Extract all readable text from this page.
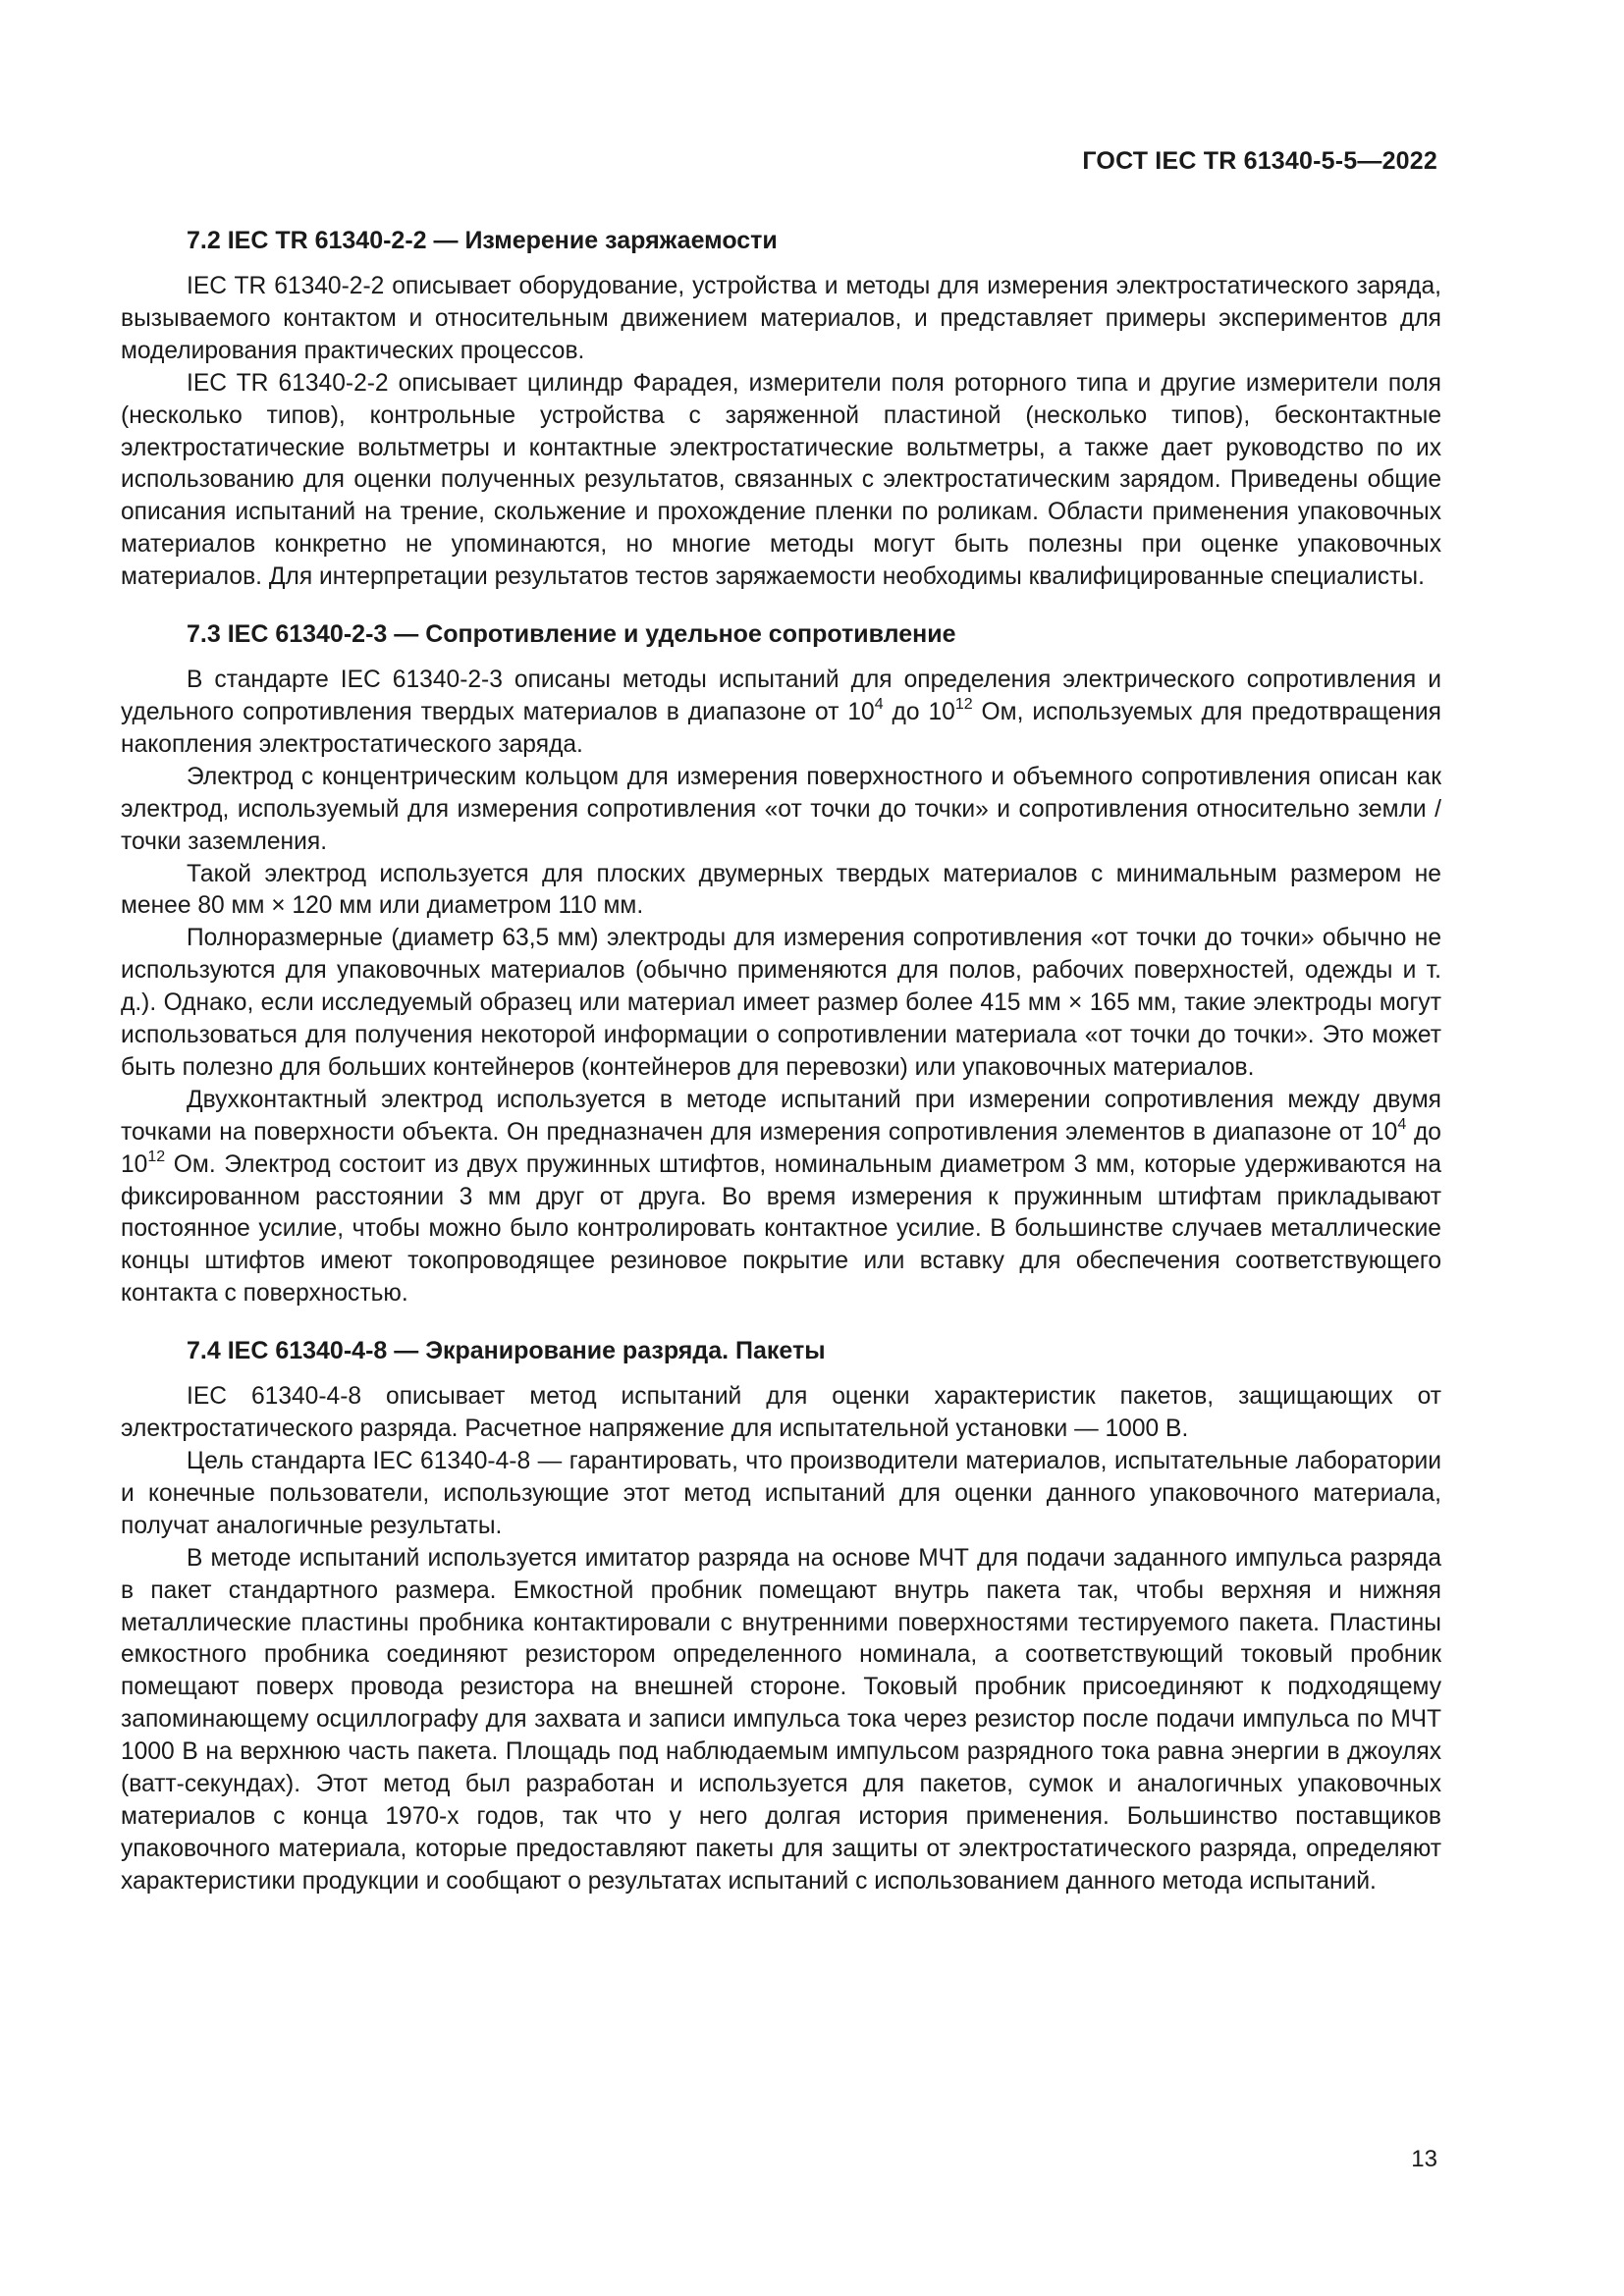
ГОСТ IEC TR 61340-5-5—2022
7.2 IEC TR 61340-2-2 — Измерение заряжаемости

IEC TR 61340-2-2 описывает оборудование, устройства и методы для измерения электростатического заряда, вызываемого контактом и относительным движением материалов, и представляет примеры экспериментов для моделирования практических процессов.

IEC TR 61340-2-2 описывает цилиндр Фарадея, измерители поля роторного типа и другие измерители поля (несколько типов), контрольные устройства с заряженной пластиной (несколько типов), бесконтактные электростатические вольтметры и контактные электростатические вольтметры, а также дает руководство по их использованию для оценки полученных результатов, связанных с электростатическим зарядом. Приведены общие описания испытаний на трение, скольжение и прохождение пленки по роликам. Области применения упаковочных материалов конкретно не упоминаются, но многие методы могут быть полезны при оценке упаковочных материалов. Для интерпретации результатов тестов заряжаемости необходимы квалифицированные специалисты.

7.3 IEC 61340-2-3 — Сопротивление и удельное сопротивление

В стандарте IEC 61340-2-3 описаны методы испытаний для определения электрического сопротивления и удельного сопротивления твердых материалов в диапазоне от $10^4$ до $10^{12}$ Ом, используемых для предотвращения накопления электростатического заряда.

Электрод с концентрическим кольцом для измерения поверхностного и объемного сопротивления описан как электрод, используемый для измерения сопротивления «от точки до точки» и сопротивления относительно земли / точки заземления.

Такой электрод используется для плоских двумерных твердых материалов с минимальным размером не менее 80 мм × 120 мм или диаметром 110 мм.

Полноразмерные (диаметр 63,5 мм) электроды для измерения сопротивления «от точки до точки» обычно не используются для упаковочных материалов (обычно применяются для полов, рабочих поверхностей, одежды и т. д.). Однако, если исследуемый образец или материал имеет размер более 415 мм × 165 мм, такие электроды могут использоваться для получения некоторой информации о сопротивлении материала «от точки до точки». Это может быть полезно для больших контейнеров (контейнеров для перевозки) или упаковочных материалов.

Двухконтактный электрод используется в методе испытаний при измерении сопротивления между двумя точками на поверхности объекта. Он предназначен для измерения сопротивления элементов в диапазоне от $10^4$ до $10^{12}$ Ом. Электрод состоит из двух пружинных штифтов, номинальным диаметром 3 мм, которые удерживаются на фиксированном расстоянии 3 мм друг от друга. Во время измерения к пружинным штифтам прикладывают постоянное усилие, чтобы можно было контролировать контактное усилие. В большинстве случаев металлические концы штифтов имеют токопроводящее резиновое покрытие или вставку для обеспечения соответствующего контакта с поверхностью.

7.4 IEC 61340-4-8 — Экранирование разряда. Пакеты

IEC 61340-4-8 описывает метод испытаний для оценки характеристик пакетов, защищающих от электростатического разряда. Расчетное напряжение для испытательной установки — 1000 В.

Цель стандарта IEC 61340-4-8 — гарантировать, что производители материалов, испытательные лаборатории и конечные пользователи, использующие этот метод испытаний для оценки данного упаковочного материала, получат аналогичные результаты.

В методе испытаний используется имитатор разряда на основе МЧТ для подачи заданного импульса разряда в пакет стандартного размера. Емкостной пробник помещают внутрь пакета так, чтобы верхняя и нижняя металлические пластины пробника контактировали с внутренними поверхностями тестируемого пакета. Пластины емкостного пробника соединяют резистором определенного номинала, а соответствующий токовый пробник помещают поверх провода резистора на внешней стороне. Токовый пробник присоединяют к подходящему запоминающему осциллографу для захвата и записи импульса тока через резистор после подачи импульса по МЧТ 1000 В на верхнюю часть пакета. Площадь под наблюдаемым импульсом разрядного тока равна энергии в джоулях (ватт-секундах). Этот метод был разработан и используется для пакетов, сумок и аналогичных упаковочных материалов с конца 1970-х годов, так что у него долгая история применения. Большинство поставщиков упаковочного материала, которые предоставляют пакеты для защиты от электростатического разряда, определяют характеристики продукции и сообщают о результатах испытаний с использованием данного метода испытаний.

13
